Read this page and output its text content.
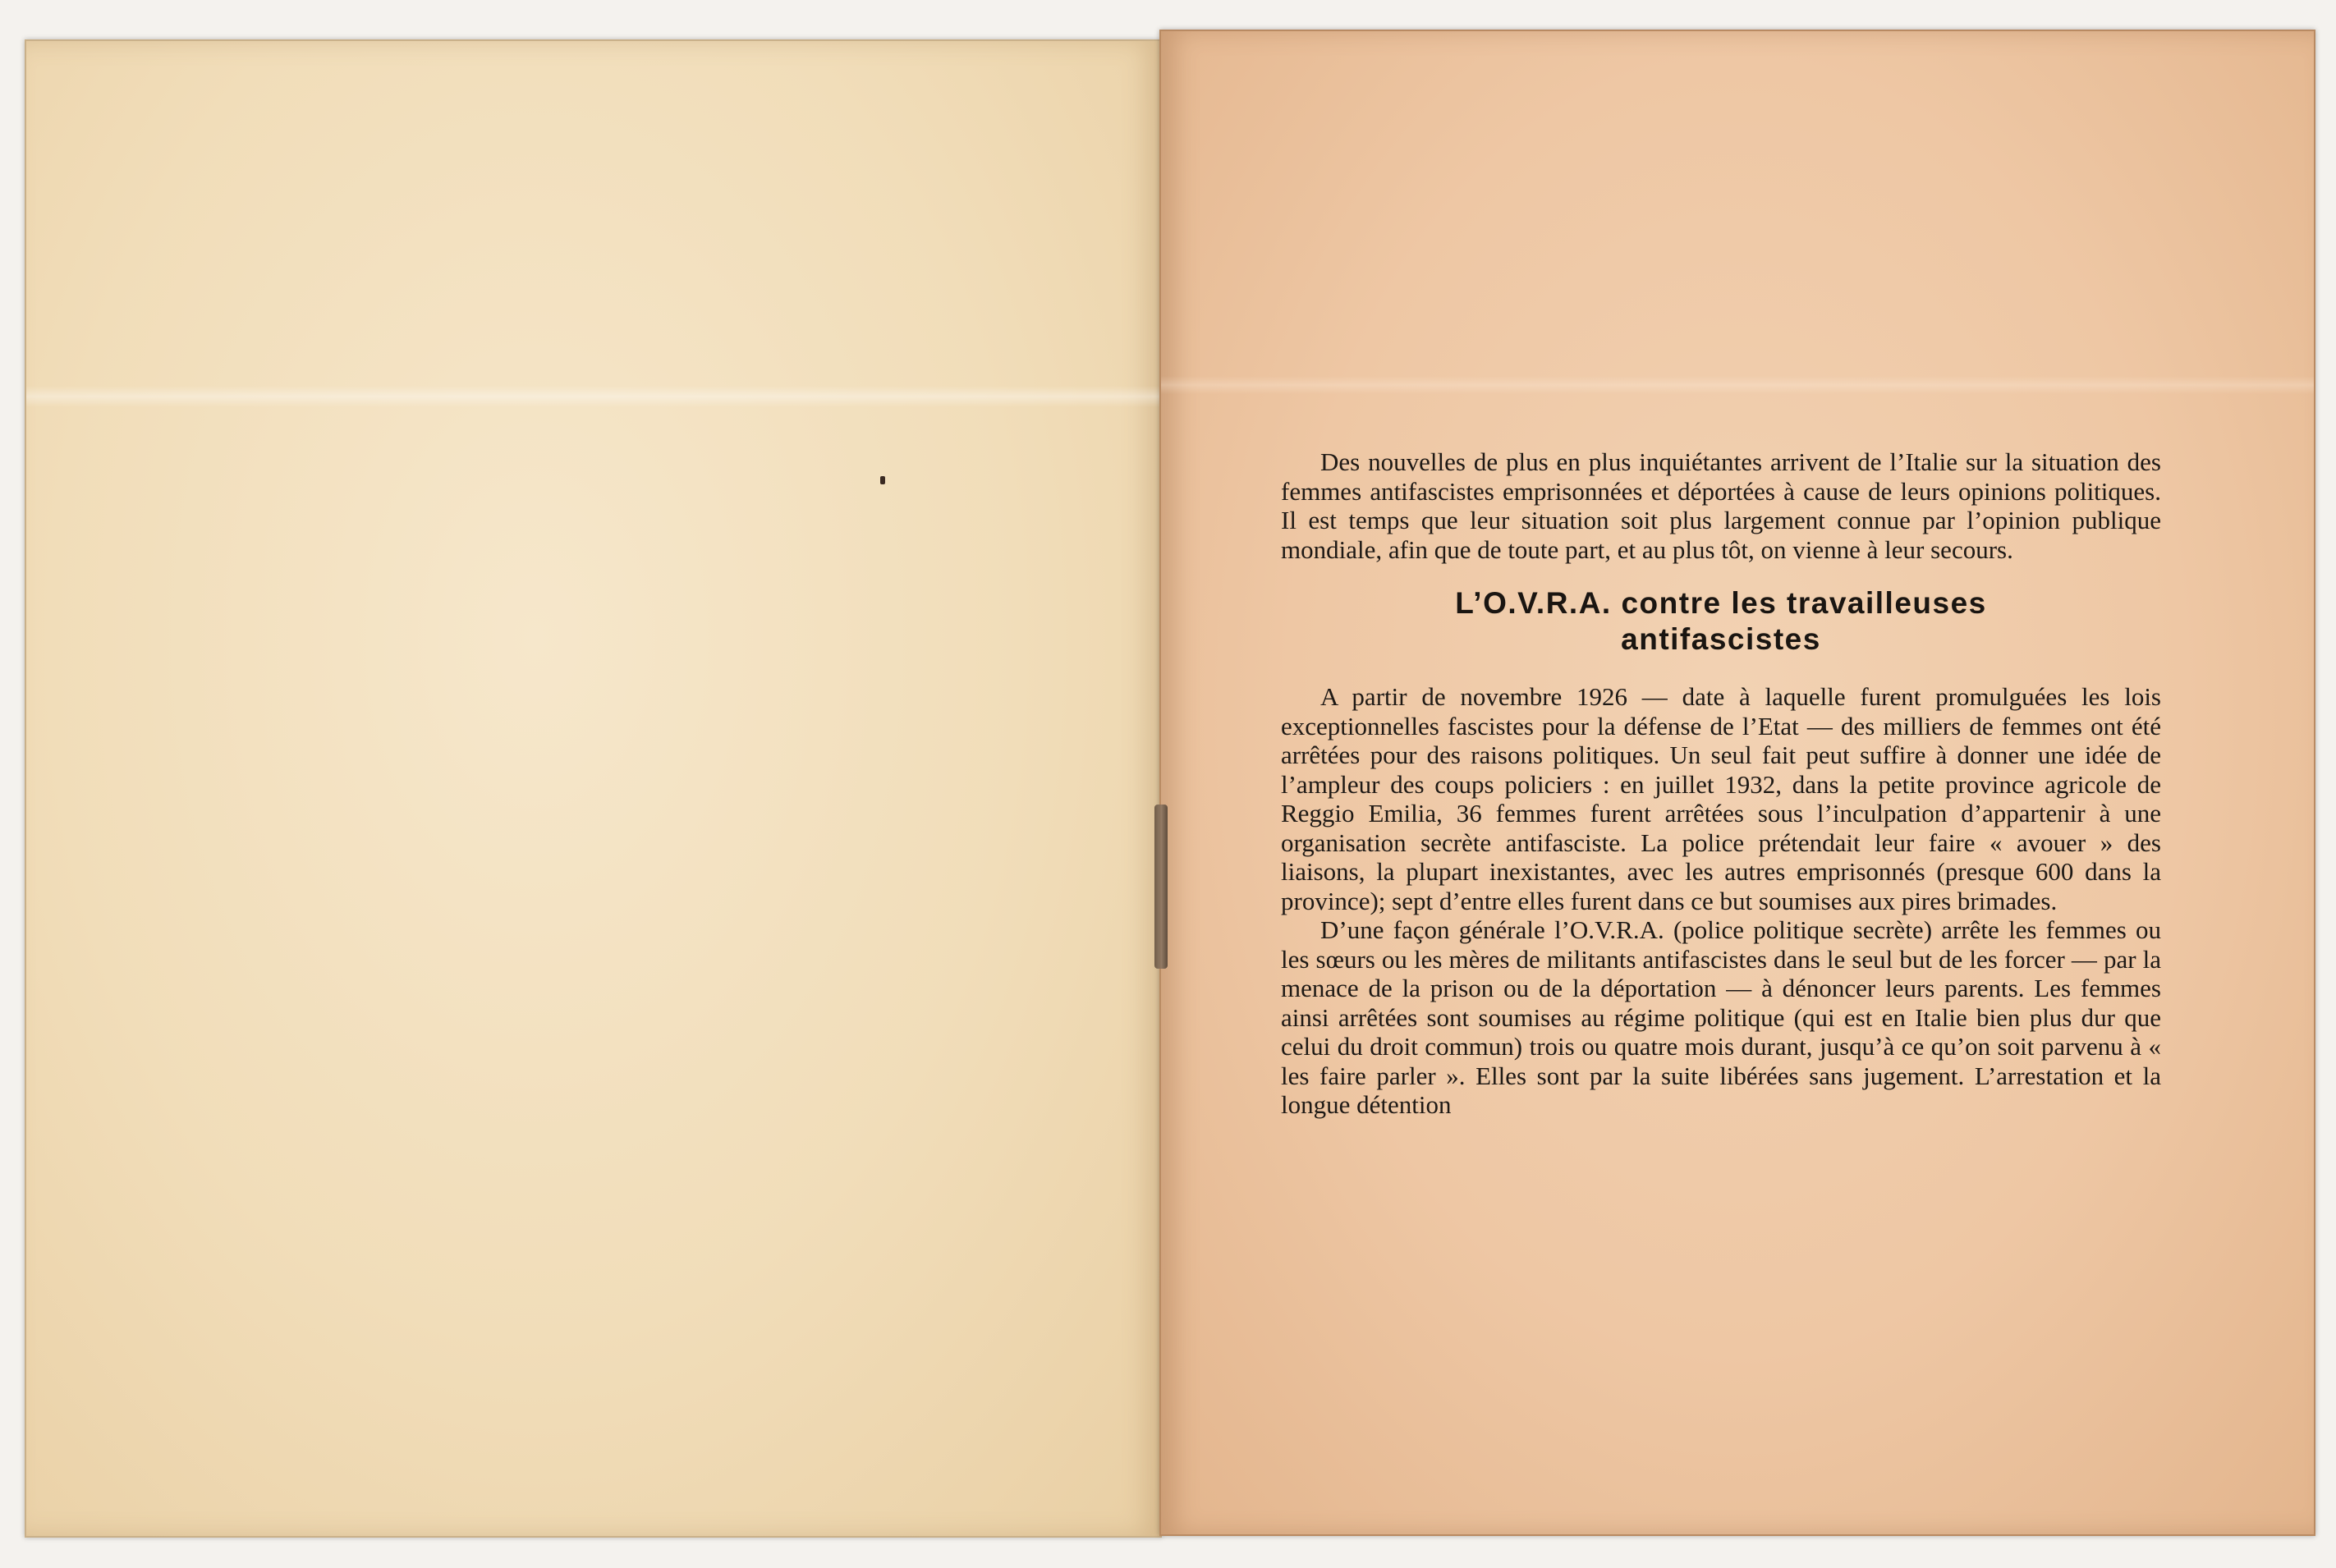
Des nouvelles de plus en plus inquiétantes arrivent de l’Italie sur la situation des femmes antifascistes emprisonnées et déportées à cause de leurs opinions politiques. Il est temps que leur situation soit plus largement connue par l’opinion publique mondiale, afin que de toute part, et au plus tôt, on vienne à leur secours.

L’O.V.R.A. contre les travailleuses
antifascistes

A partir de novembre 1926 — date à laquelle furent promulguées les lois exceptionnelles fascistes pour la défense de l’Etat — des milliers de femmes ont été arrêtées pour des raisons politiques. Un seul fait peut suffire à donner une idée de l’ampleur des coups policiers : en juillet 1932, dans la petite province agricole de Reggio Emilia, 36 femmes furent arrêtées sous l’inculpation d’appartenir à une organisation secrète antifasciste. La police prétendait leur faire « avouer » des liaisons, la plupart inexistantes, avec les autres emprisonnés (presque 600 dans la province); sept d’entre elles furent dans ce but soumises aux pires brimades.

D’une façon générale l’O.V.R.A. (police politique secrète) arrête les femmes ou les sœurs ou les mères de militants antifascistes dans le seul but de les forcer — par la menace de la prison ou de la déportation — à dénoncer leurs parents. Les femmes ainsi arrêtées sont soumises au régime politique (qui est en Italie bien plus dur que celui du droit commun) trois ou quatre mois durant, jusqu’à ce qu’on soit parvenu à « les faire parler ». Elles sont par la suite libérées sans jugement. L’arrestation et la longue détention
